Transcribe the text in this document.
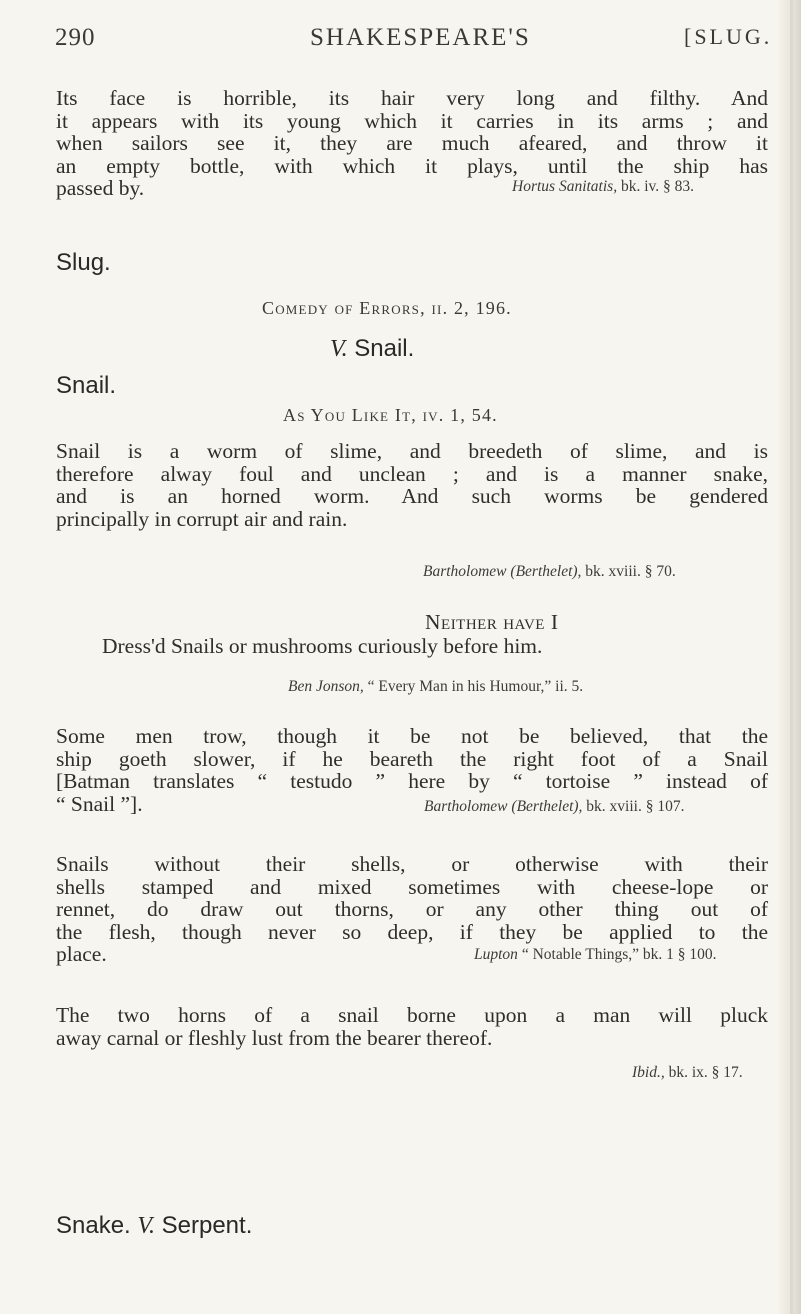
290	SHAKESPEARE'S	[SLUG.
Its face is horrible, its hair very long and filthy. And
it appears with its young which it carries in its arms ; and
when sailors see it, they are much afeared, and throw it
an empty bottle, with which it plays, until the ship has
passed by.	Hortus Sanitatis, bk. iv. § 83.
Slug.
Comedy of Errors, ii. 2, 196.
V. Snail.
Snail.
As You Like It, iv. 1, 54.
Snail is a worm of slime, and breedeth of slime, and is
therefore alway foul and unclean ; and is a manner snake,
and is an horned worm. And such worms be gendered
principally in corrupt air and rain.
Bartholomew (Berthelet), bk. xviii. § 70.
Neither have I
Dress'd Snails or mushrooms curiously before him.
Ben Jonson, “ Every Man in his Humour,” ii. 5.
Some men trow, though it be not be believed, that the
ship goeth slower, if he beareth the right foot of a Snail
[Batman translates “ testudo ” here by “ tortoise ” instead of
“ Snail ”].	Bartholomew (Berthelet), bk. xviii. § 107.
Snails without their shells, or otherwise with their
shells stamped and mixed sometimes with cheese-lope or
rennet, do draw out thorns, or any other thing out of
the flesh, though never so deep, if they be applied to the
place.	Lupton “ Notable Things,” bk. 1 § 100.
The two horns of a snail borne upon a man will pluck
away carnal or fleshly lust from the bearer thereof.
Ibid., bk. ix. § 17.
Snake. V. Serpent.
